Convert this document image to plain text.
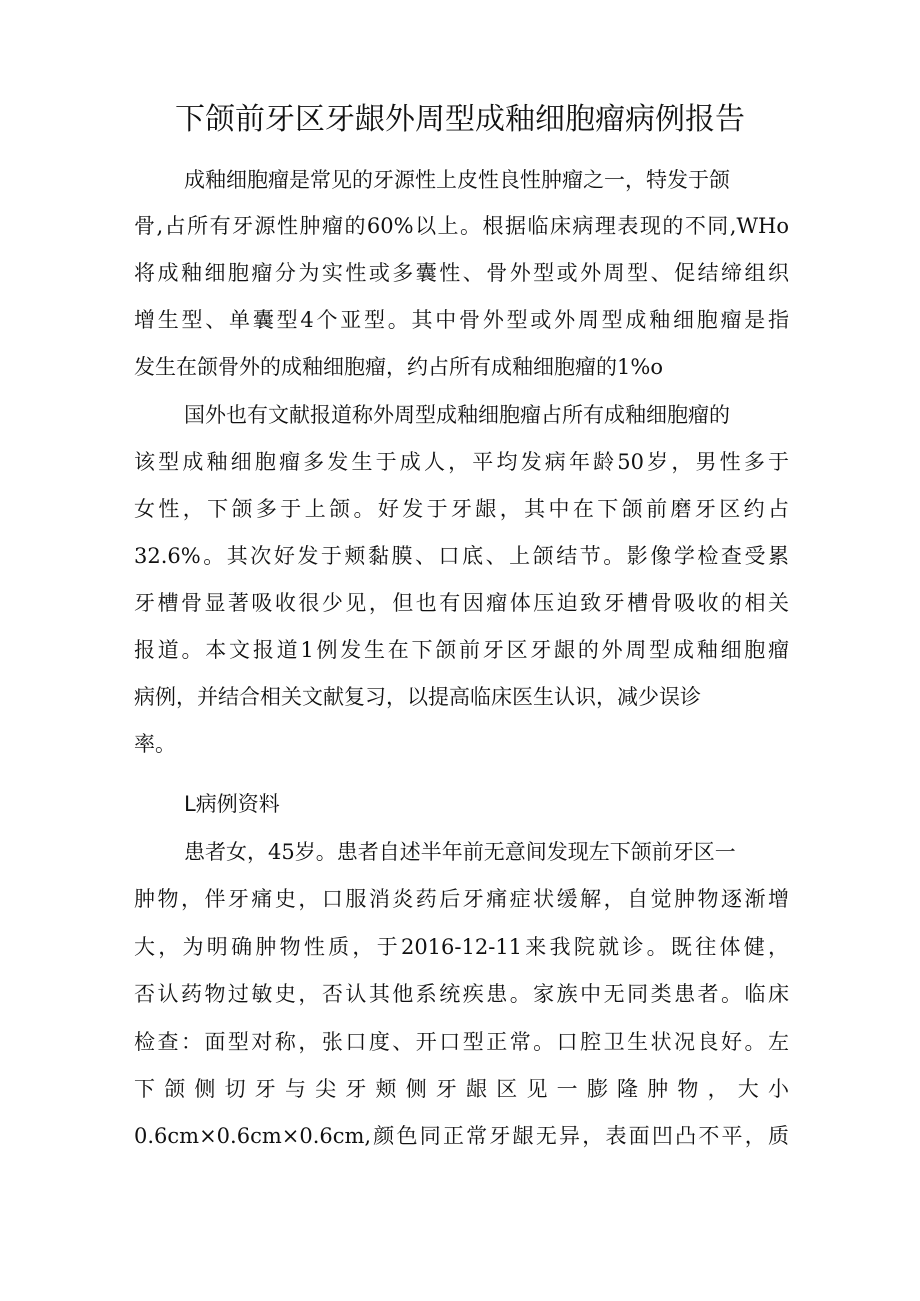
下颌前牙区牙龈外周型成釉细胞瘤病例报告
成釉细胞瘤是常见的牙源性上皮性良性肿瘤之一，特发于颌
骨,占所有牙源性肿瘤的60%以上。根据临床病理表现的不同,WHo
将成釉细胞瘤分为实性或多囊性、骨外型或外周型、促结缔组织
增生型、单囊型4个亚型。其中骨外型或外周型成釉细胞瘤是指
发生在颌骨外的成釉细胞瘤，约占所有成釉细胞瘤的1%o
国外也有文献报道称外周型成釉细胞瘤占所有成釉细胞瘤的
该型成釉细胞瘤多发生于成人，平均发病年龄50岁，男性多于
女性，下颌多于上颌。好发于牙龈，其中在下颌前磨牙区约占
32.6%。其次好发于颊黏膜、口底、上颌结节。影像学检查受累
牙槽骨显著吸收很少见，但也有因瘤体压迫致牙槽骨吸收的相关
报道。本文报道1例发生在下颌前牙区牙龈的外周型成釉细胞瘤
病例，并结合相关文献复习，以提高临床医生认识，减少误诊
率。
L病例资料
患者女，45岁。患者自述半年前无意间发现左下颌前牙区一
肿物，伴牙痛史，口服消炎药后牙痛症状缓解，自觉肿物逐渐增
大，为明确肿物性质，于2016-12-11来我院就诊。既往体健，
否认药物过敏史，否认其他系统疾患。家族中无同类患者。临床
检查：面型对称，张口度、开口型正常。口腔卫生状况良好。左
下颌侧切牙与尖牙颊侧牙龈区见一膨隆肿物，大小
0.6cm×0.6cm×0.6cm,颜色同正常牙龈无异，表面凹凸不平，质
